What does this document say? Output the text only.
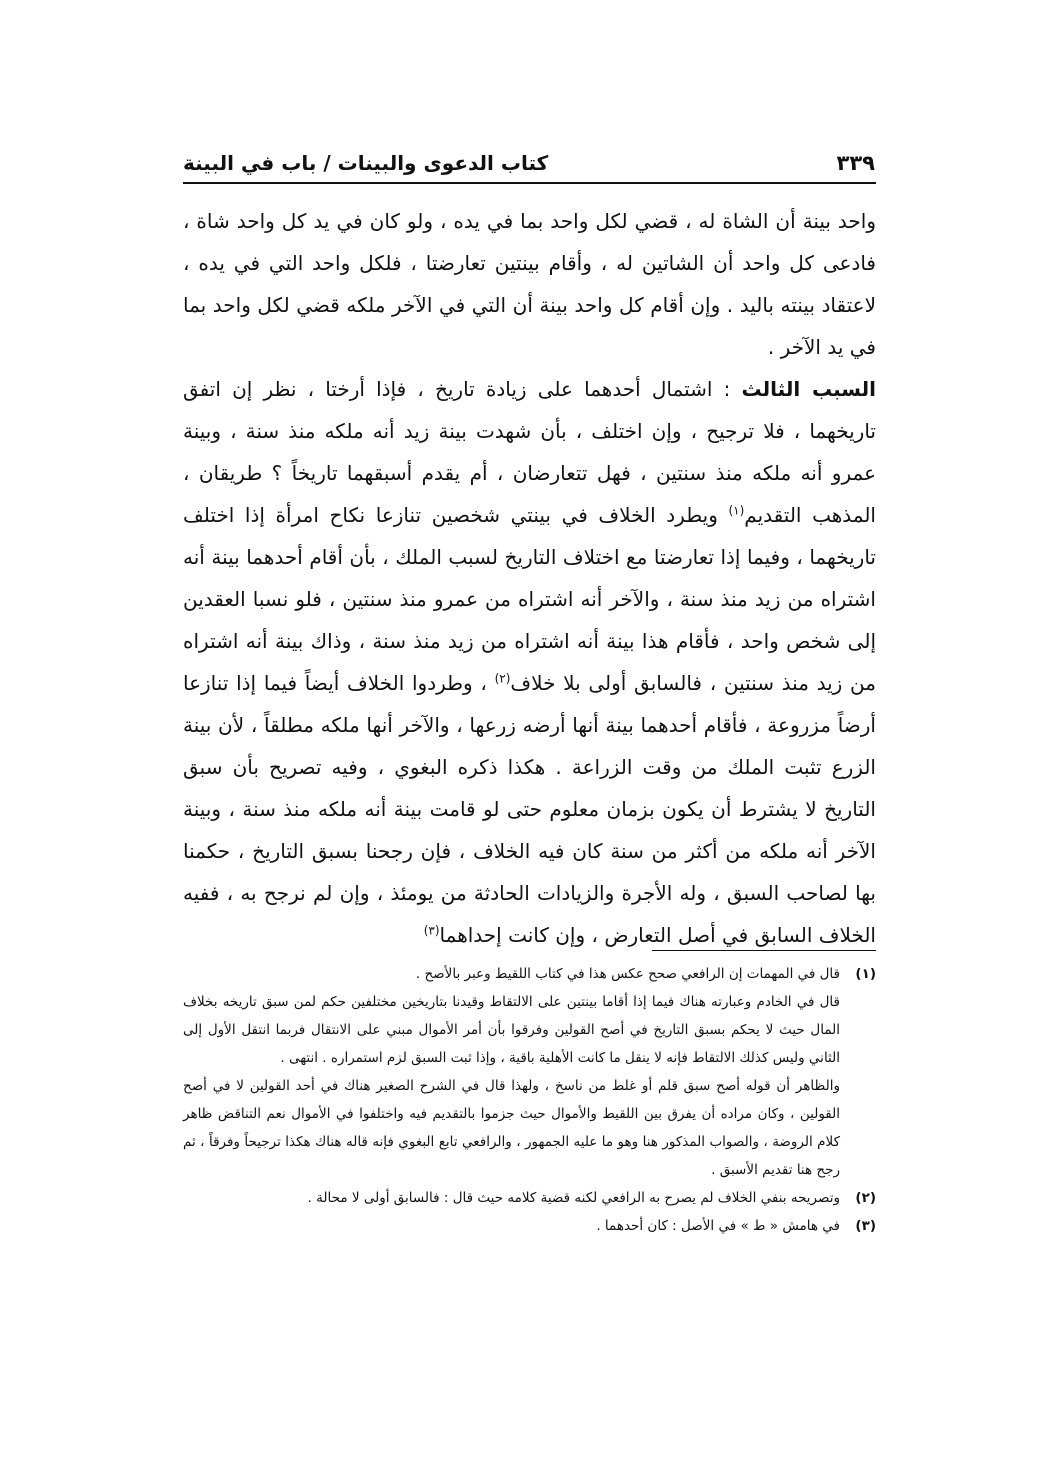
كتاب الدعوى والبينات / باب في البينة	٣٣٩

واحد بينة أن الشاة له ، قضي لكل واحد بما في يده ، ولو كان في يد كل واحد شاة ، فادعى كل واحد أن الشاتين له ، وأقام بينتين تعارضتا ، فلكل واحد التي في يده ، لاعتقاد بينته باليد . وإن أقام كل واحد بينة أن التي في الآخر ملكه قضي لكل واحد بما في يد الآخر .

السبب الثالث : اشتمال أحدهما على زيادة تاريخ ، فإذا أرختا ، نظر إن اتفق تاريخهما ، فلا ترجيح ، وإن اختلف ، بأن شهدت بينة زيد أنه ملكه منذ سنة ، وبينة عمرو أنه ملكه منذ سنتين ، فهل تتعارضان ، أم يقدم أسبقهما تاريخاً ؟ طريقان ، المذهب التقديم$^{(١)}$ ويطرد الخلاف في بينتي شخصين تنازعا نكاح امرأة إذا اختلف تاريخهما ، وفيما إذا تعارضتا مع اختلاف التاريخ لسبب الملك ، بأن أقام أحدهما بينة أنه اشتراه من زيد منذ سنة ، والآخر أنه اشتراه من عمرو منذ سنتين ، فلو نسبا العقدين إلى شخص واحد ، فأقام هذا بينة أنه اشتراه من زيد منذ سنة ، وذاك بينة أنه اشتراه من زيد منذ سنتين ، فالسابق أولى بلا خلاف$^{(٢)}$ ، وطردوا الخلاف أيضاً فيما إذا تنازعا أرضاً مزروعة ، فأقام أحدهما بينة أنها أرضه زرعها ، والآخر أنها ملكه مطلقاً ، لأن بينة الزرع تثبت الملك من وقت الزراعة . هكذا ذكره البغوي ، وفيه تصريح بأن سبق التاريخ لا يشترط أن يكون بزمان معلوم حتى لو قامت بينة أنه ملكه منذ سنة ، وبينة الآخر أنه ملكه من أكثر من سنة كان فيه الخلاف ، فإن رجحنا بسبق التاريخ ، حكمنا بها لصاحب السبق ، وله الأجرة والزيادات الحادثة من يومئذ ، وإن لم نرجح به ، ففيه الخلاف السابق في أصل التعارض ، وإن كانت إحداهما$^{(٣)}$

(١)

قال في المهمات إن الرافعي صحح عكس هذا في كتاب اللقيط وعبر بالأصح .

قال في الخادم وعبارته هناك فيما إذا أقاما بينتين على الالتقاط وقيدنا بتاريخين مختلفين حكم لمن سبق تاريخه بخلاف المال حيث لا يحكم بسبق التاريخ في أصح القولين وفرقوا بأن أمر الأموال مبني على الانتقال فربما انتقل الأول إلى الثاني وليس كذلك الالتقاط فإنه لا ينقل ما كانت الأهلية باقية ، وإذا ثبت السبق لزم استمراره . انتهى .

والظاهر أن قوله أصح سبق قلم أو غلط من ناسخ ، ولهذا قال في الشرح الصغير هناك في أحد القولين لا في أصح القولين ، وكان مراده أن يفرق بين اللقيط والأموال حيث جزموا بالتقديم فيه واختلفوا في الأموال نعم التناقض ظاهر كلام الروضة ، والصواب المذكور هنا وهو ما عليه الجمهور ، والرافعي تابع البغوي فإنه قاله هناك هكذا ترجيحاً وفرقاً ، ثم رجح هنا تقديم الأسبق .

(٢)

وتصريحه بنفي الخلاف لم يصرح به الرافعي لكنه قضية كلامه حيث قال : فالسابق أولى لا محالة .

(٣)

في هامش « ط » في الأصل : كان أحدهما .
